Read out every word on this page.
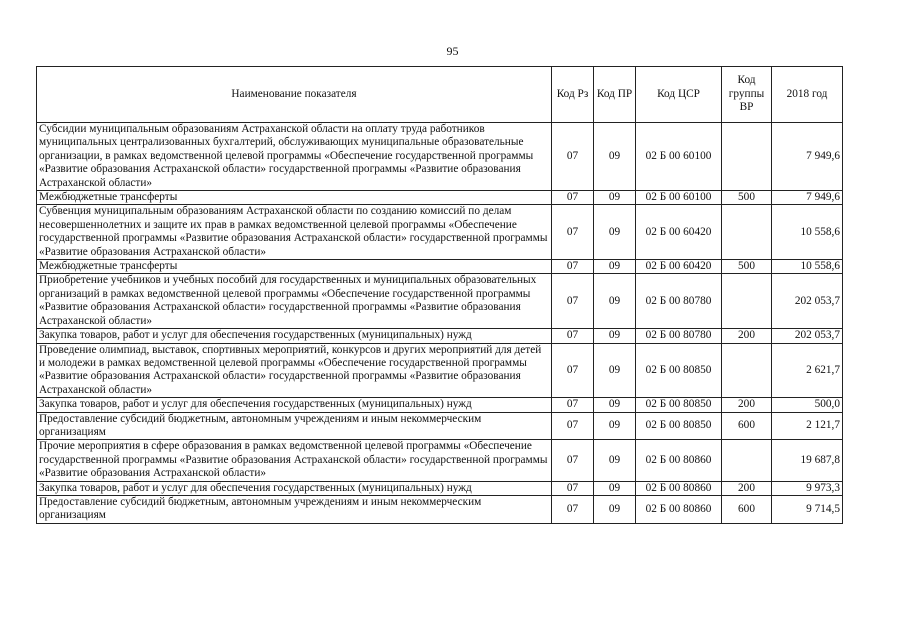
95
Наименование показателя	Код Рз	Код ПР	Код ЦСР	Код группы ВР	2018 год
Субсидии муниципальным образованиям Астраханской области на оплату труда работников муниципальных централизованных бухгалтерий, обслуживающих муниципальные образовательные организации, в рамках ведомственной целевой программы «Обеспечение государственной программы «Развитие образования Астраханской области» государственной программы «Развитие образования Астраханской области»	07	09	02 Б 00 60100		7 949,6
Межбюджетные трансферты	07	09	02 Б 00 60100	500	7 949,6
Субвенция муниципальным образованиям Астраханской области по созданию комиссий по делам несовершеннолетних и защите их прав в рамках ведомственной целевой программы «Обеспечение государственной программы «Развитие образования Астраханской области» государственной программы «Развитие образования Астраханской области»	07	09	02 Б 00 60420		10 558,6
Межбюджетные трансферты	07	09	02 Б 00 60420	500	10 558,6
Приобретение учебников и учебных пособий для государственных и муниципальных образовательных организаций в рамках ведомственной целевой программы «Обеспечение государственной программы «Развитие образования Астраханской области» государственной программы «Развитие образования Астраханской области»	07	09	02 Б 00 80780		202 053,7
Закупка товаров, работ и услуг для обеспечения государственных (муниципальных) нужд	07	09	02 Б 00 80780	200	202 053,7
Проведение олимпиад, выставок, спортивных мероприятий, конкурсов и других мероприятий для детей и молодежи в рамках ведомственной целевой программы «Обеспечение государственной программы «Развитие образования Астраханской области» государственной программы «Развитие образования Астраханской области»	07	09	02 Б 00 80850		2 621,7
Закупка товаров, работ и услуг для обеспечения государственных (муниципальных) нужд	07	09	02 Б 00 80850	200	500,0
Предоставление субсидий бюджетным, автономным учреждениям и иным некоммерческим организациям	07	09	02 Б 00 80850	600	2 121,7
Прочие мероприятия в сфере образования в рамках ведомственной целевой программы «Обеспечение государственной программы «Развитие образования Астраханской области» государственной программы «Развитие образования Астраханской области»	07	09	02 Б 00 80860		19 687,8
Закупка товаров, работ и услуг для обеспечения государственных (муниципальных) нужд	07	09	02 Б 00 80860	200	9 973,3
Предоставление субсидий бюджетным, автономным учреждениям и иным некоммерческим организациям	07	09	02 Б 00 80860	600	9 714,5
